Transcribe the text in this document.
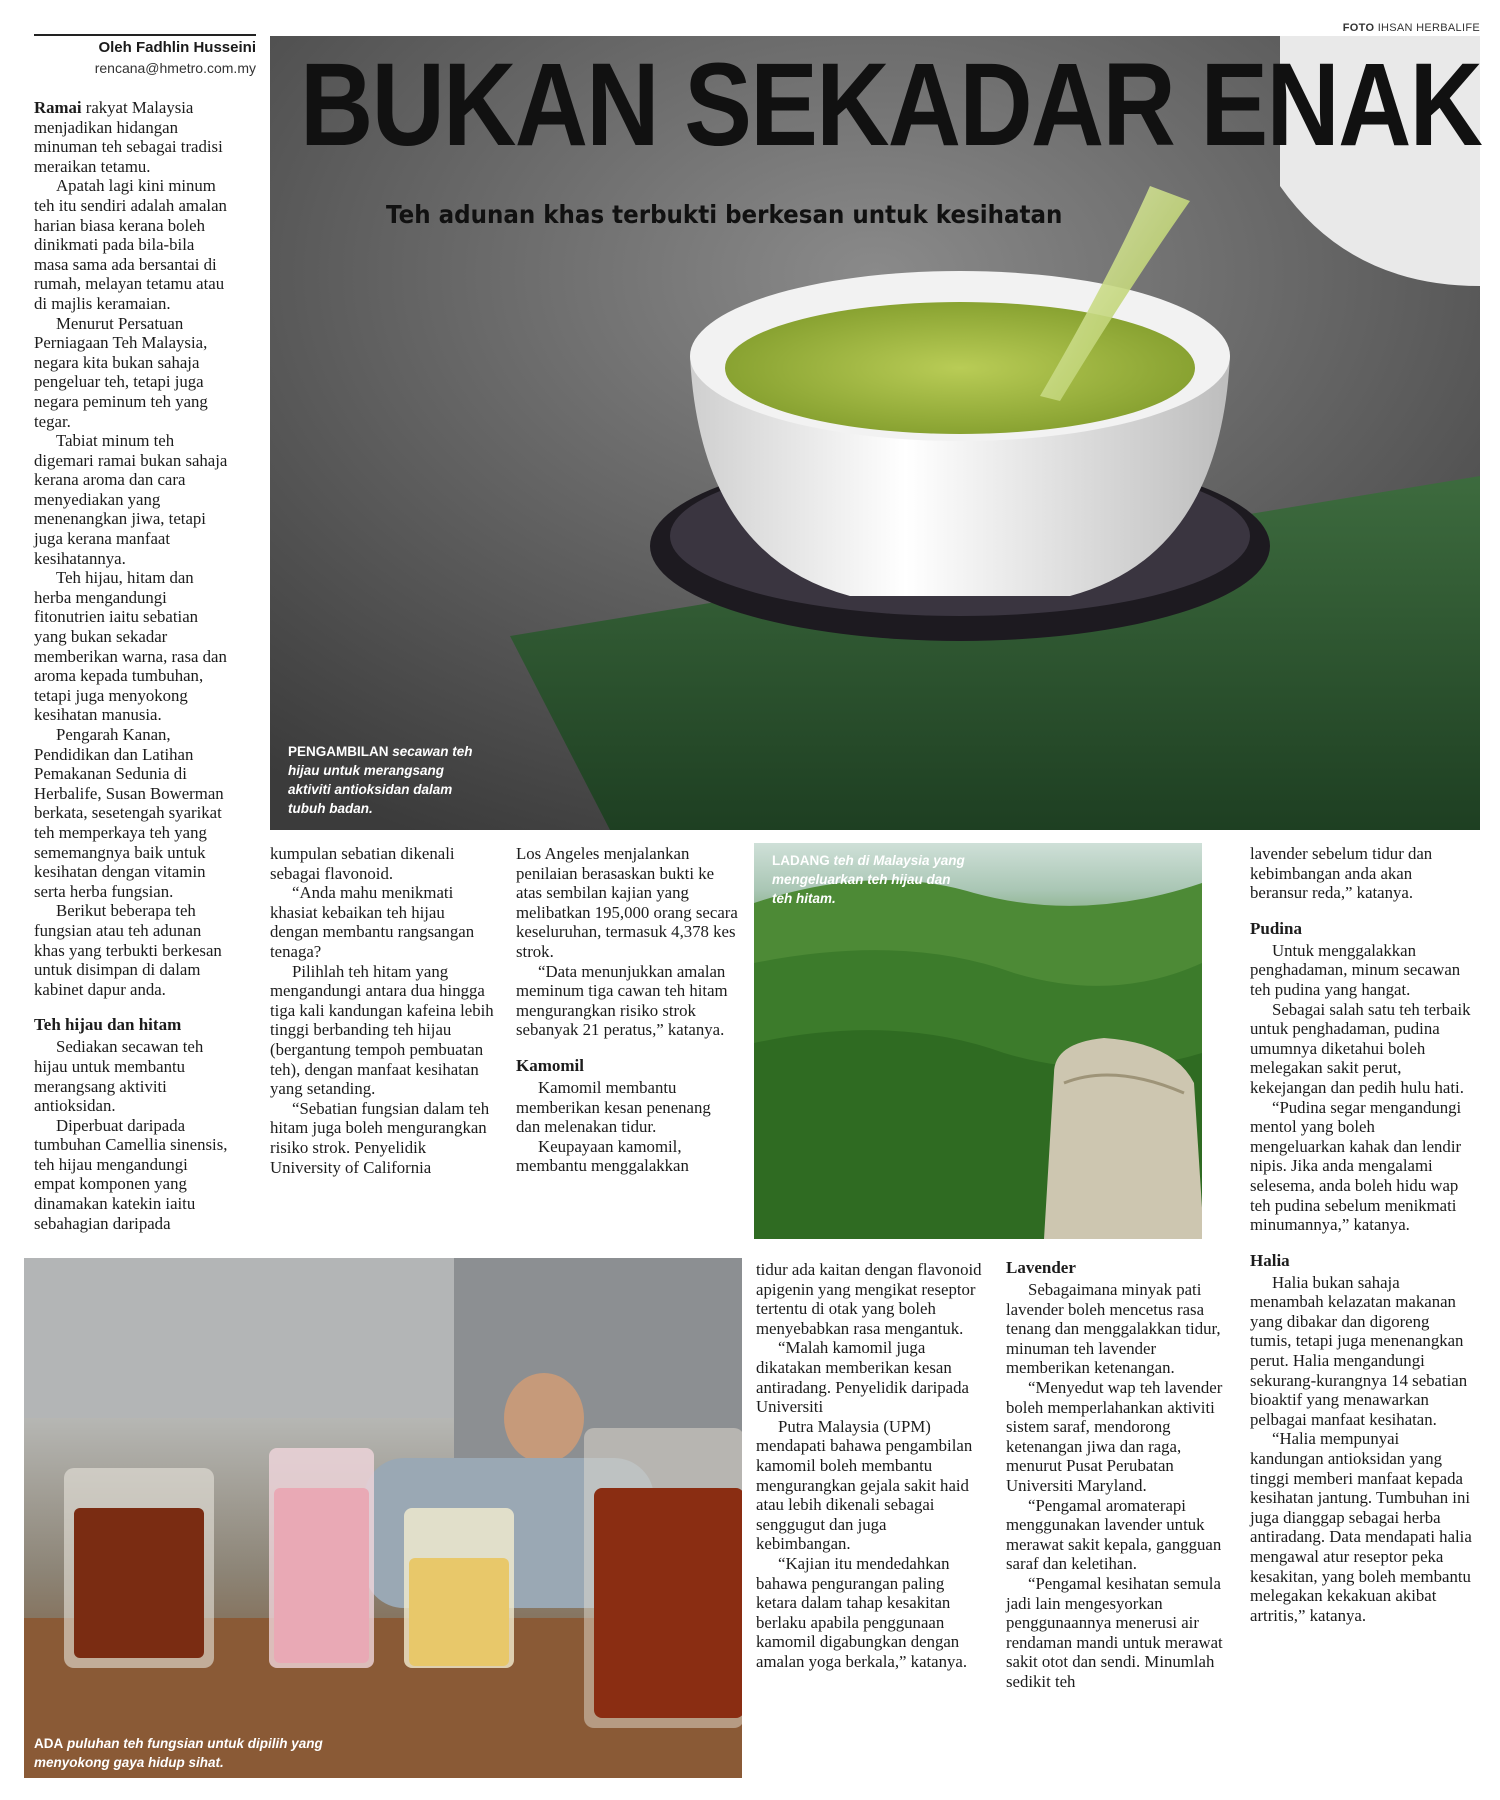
FOTO IHSAN HERBALIFE
Oleh Fadhlin Husseini
rencana@hmetro.com.my
PENGAMBILAN secawan teh hijau untuk merangsang aktiviti antioksidan dalam tubuh badan.
BUKAN SEKADAR ENAK
Teh adunan khas terbukti berkesan untuk kesihatan
LADANG teh di Malaysia yang mengeluarkan teh hijau dan teh hitam.
ADA puluhan teh fungsian untuk dipilih yang menyokong gaya hidup sihat.

Ramai rakyat Malaysia menjadikan hidangan minuman teh sebagai tradisi meraikan tetamu.

Apatah lagi kini minum teh itu sendiri adalah amalan harian biasa kerana boleh dinikmati pada bila-bila masa sama ada bersantai di rumah, melayan tetamu atau di majlis keramaian.

Menurut Persatuan Perniagaan Teh Malaysia, negara kita bukan sahaja pengeluar teh, tetapi juga negara peminum teh yang tegar.

Tabiat minum teh digemari ramai bukan sahaja kerana aroma dan cara menyediakan yang menenangkan jiwa, tetapi juga kerana manfaat kesihatannya.

Teh hijau, hitam dan herba mengandungi fitonutrien iaitu sebatian yang bukan sekadar memberikan warna, rasa dan aroma kepada tumbuhan, tetapi juga menyokong kesihatan manusia.

Pengarah Kanan, Pendidikan dan Latihan Pemakanan Sedunia di Herbalife, Susan Bowerman berkata, sesetengah syarikat teh memperkaya teh yang sememangnya baik untuk kesihatan dengan vitamin serta herba fungsian.

Berikut beberapa teh fungsian atau teh adunan khas yang terbukti berkesan untuk disimpan di dalam kabinet dapur anda.

Teh hijau dan hitam

Sediakan secawan teh hijau untuk membantu merangsang aktiviti antioksidan.

Diperbuat daripada tumbuhan Camellia sinensis, teh hijau mengandungi empat komponen yang dinamakan katekin iaitu sebahagian daripada

kumpulan sebatian dikenali sebagai flavonoid.

“Anda mahu menikmati khasiat kebaikan teh hijau dengan membantu rangsangan tenaga?

Pilihlah teh hitam yang mengandungi antara dua hingga tiga kali kandungan kafeina lebih tinggi berbanding teh hijau (bergantung tempoh pembuatan teh), dengan manfaat kesihatan yang setanding.

“Sebatian fungsian dalam teh hitam juga boleh mengurangkan risiko strok. Penyelidik University of California

Los Angeles menjalankan penilaian berasaskan bukti ke atas sembilan kajian yang melibatkan 195,000 orang secara keseluruhan, termasuk 4,378 kes strok.

“Data menunjukkan amalan meminum tiga cawan teh hitam mengurangkan risiko strok sebanyak 21 peratus,” katanya.

Kamomil

Kamomil membantu memberikan kesan penenang dan melenakan tidur.

Keupayaan kamomil, membantu menggalakkan

tidur ada kaitan dengan flavonoid apigenin yang mengikat reseptor tertentu di otak yang boleh menyebabkan rasa mengantuk.

“Malah kamomil juga dikatakan memberikan kesan antiradang. Penyelidik daripada Universiti

Putra Malaysia (UPM) mendapati bahawa pengambilan kamomil boleh membantu mengurangkan gejala sakit haid atau lebih dikenali sebagai senggugut dan juga kebimbangan.

“Kajian itu mendedahkan bahawa pengurangan paling ketara dalam tahap kesakitan berlaku apabila penggunaan kamomil digabungkan dengan amalan yoga berkala,” katanya.

Lavender

Sebagaimana minyak pati lavender boleh mencetus rasa tenang dan menggalakkan tidur, minuman teh lavender memberikan ketenangan.

“Menyedut wap teh lavender boleh memperlahankan aktiviti sistem saraf, mendorong ketenangan jiwa dan raga, menurut Pusat Perubatan Universiti Maryland.

“Pengamal aromaterapi menggunakan lavender untuk merawat sakit kepala, gangguan saraf dan keletihan.

“Pengamal kesihatan semula jadi lain mengesyorkan penggunaannya menerusi air rendaman mandi untuk merawat sakit otot dan sendi. Minumlah sedikit teh

lavender sebelum tidur dan kebimbangan anda akan beransur reda,” katanya.

Pudina

Untuk menggalakkan penghadaman, minum secawan teh pudina yang hangat.

Sebagai salah satu teh terbaik untuk penghadaman, pudina umumnya diketahui boleh melegakan sakit perut, kekejangan dan pedih hulu hati.

“Pudina segar mengandungi mentol yang boleh mengeluarkan kahak dan lendir nipis. Jika anda mengalami selesema, anda boleh hidu wap teh pudina sebelum menikmati minumannya,” katanya.

Halia

Halia bukan sahaja menambah kelazatan makanan yang dibakar dan digoreng tumis, tetapi juga menenangkan perut. Halia mengandungi sekurang-kurangnya 14 sebatian bioaktif yang menawarkan pelbagai manfaat kesihatan.

“Halia mempunyai kandungan antioksidan yang tinggi memberi manfaat kepada kesihatan jantung. Tumbuhan ini juga dianggap sebagai herba antiradang. Data mendapati halia mengawal atur reseptor peka kesakitan, yang boleh membantu melegakan kekakuan akibat artritis,” katanya.
